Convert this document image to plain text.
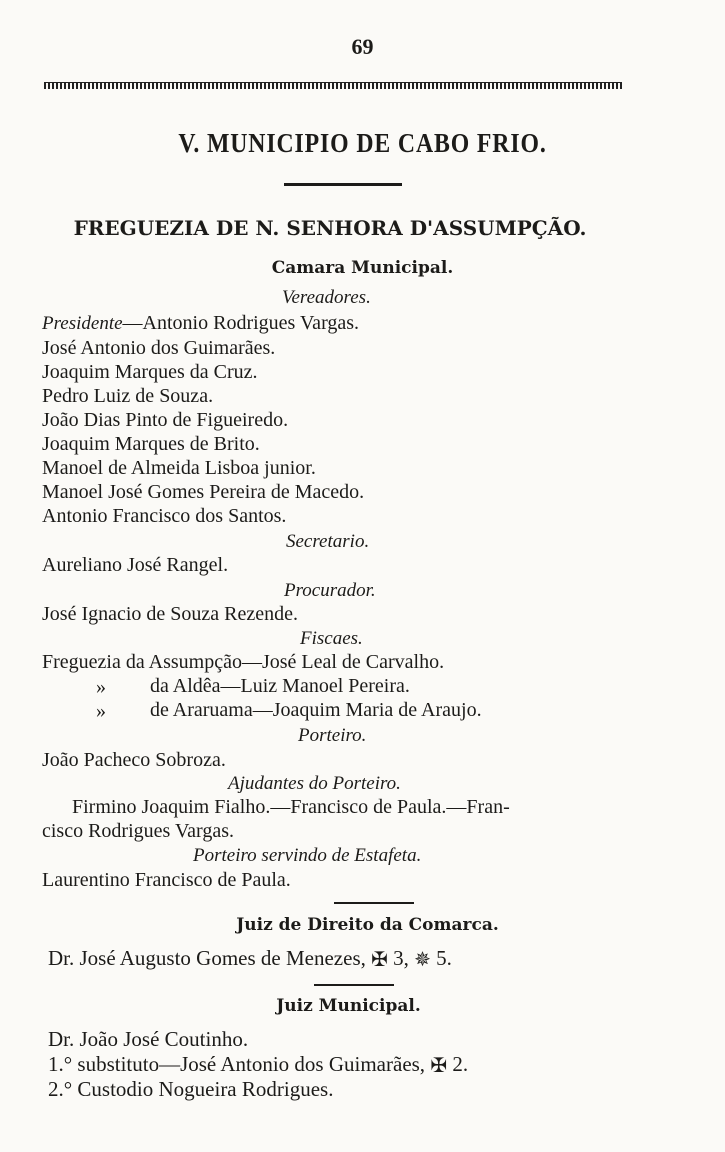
69
V. MUNICIPIO DE CABO FRIO.
FREGUEZIA DE N. SENHORA D'ASSUMPÇÃO.
Camara Municipal.
Vereadores.
Presidente—Antonio Rodrigues Vargas.
José Antonio dos Guimarães.
Joaquim Marques da Cruz.
Pedro Luiz de Souza.
João Dias Pinto de Figueiredo.
Joaquim Marques de Brito.
Manoel de Almeida Lisboa junior.
Manoel José Gomes Pereira de Macedo.
Antonio Francisco dos Santos.
Secretario.
Aureliano José Rangel.
Procurador.
José Ignacio de Souza Rezende.
Fiscaes.
Freguezia da Assumpção—José Leal de Carvalho.
» da Aldêa—Luiz Manoel Pereira.
» de Araruama—Joaquim Maria de Araujo.
Porteiro.
João Pacheco Sobroza.
Ajudantes do Porteiro.
Firmino Joaquim Fialho.—Francisco de Paula.—Fran-
cisco Rodrigues Vargas.
Porteiro servindo de Estafeta.
Laurentino Francisco de Paula.
Juiz de Direito da Comarca.
Dr. José Augusto Gomes de Menezes, ✠ 3, ✵ 5.
Juiz Municipal.
Dr. João José Coutinho.
1.° substituto—José Antonio dos Guimarães, ✠ 2.
2.° Custodio Nogueira Rodrigues.
